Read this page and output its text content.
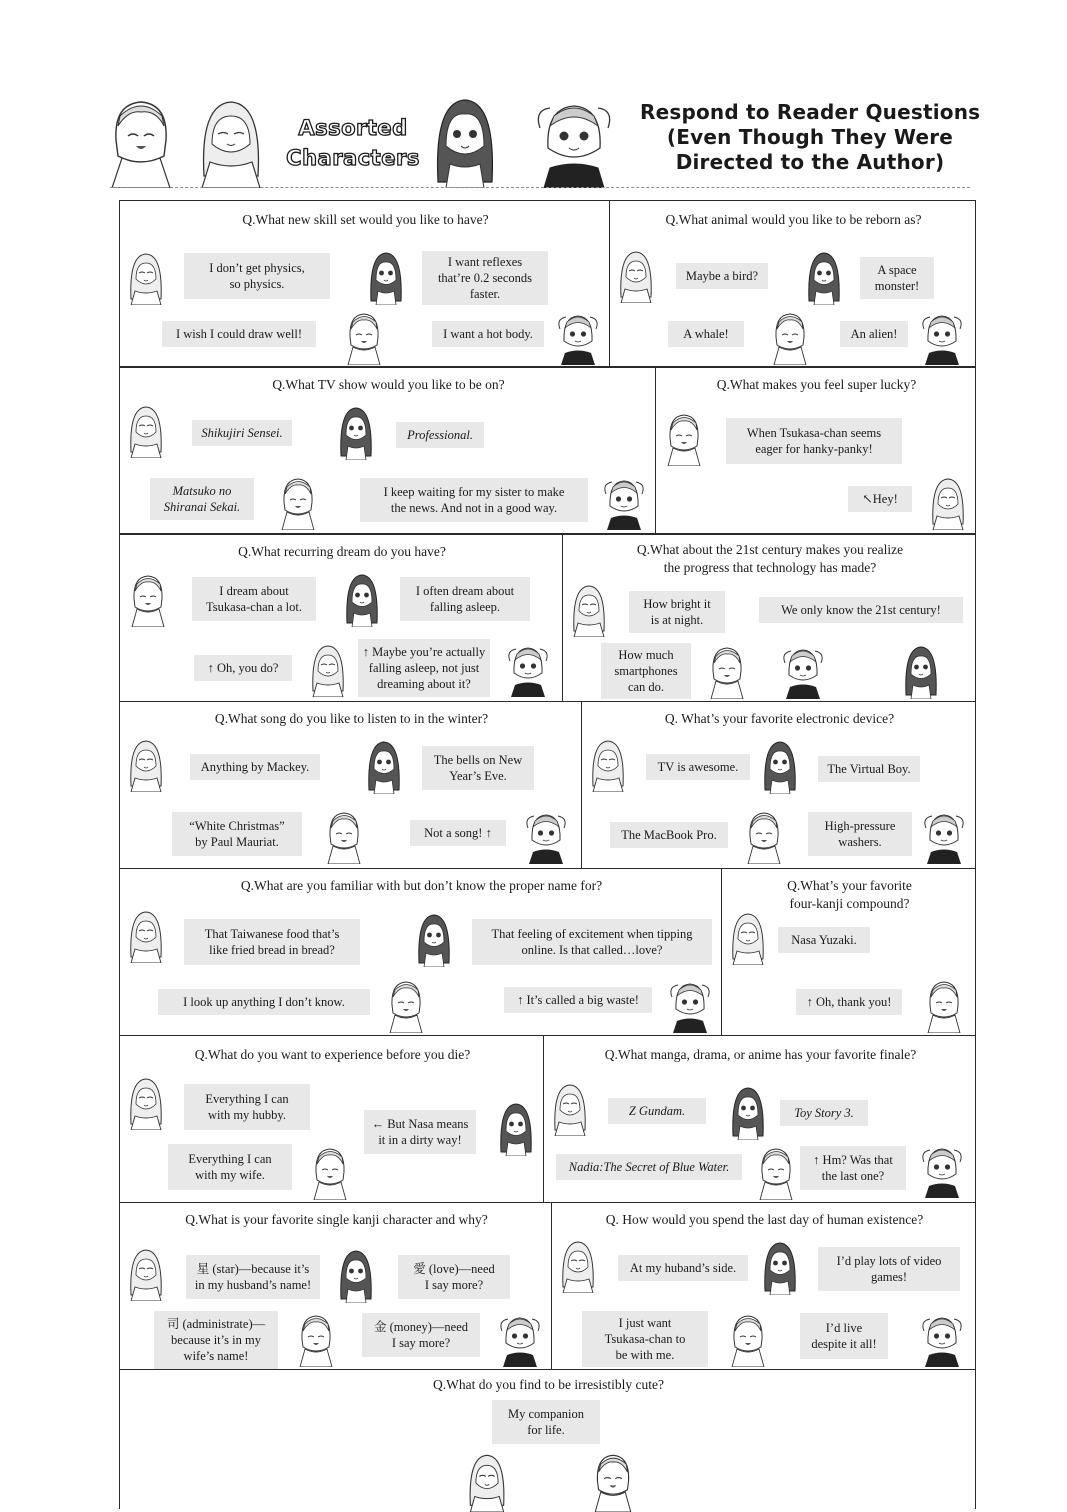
Assorted
Characters
Respond to Reader Questions
(Even Though They Were
Directed to the Author)
Q.What new skill set would you like to have?
I don’t get physics,
so physics.
I want reflexes
that’re 0.2 seconds
faster.
I wish I could draw well!	I want a hot body.
Q.What animal would you like to be reborn as?
Maybe a bird?	A space
monster!
A whale!	An alien!
Q.What TV show would you like to be on?
Shikujiri Sensei.	Professional.
Matsuko no
Shiranai Sekai.
I keep waiting for my sister to make
the news. And not in a good way.
Q.What makes you feel super lucky?
When Tsukasa-chan seems
eager for hanky-panky!
↖Hey!
Q.What recurring dream do you have?
I dream about
Tsukasa-chan a lot.
I often dream about
falling asleep.
↑ Oh, you do?
↑ Maybe you’re actually
falling asleep, not just
dreaming about it?
Q.What about the 21st century makes you realize
the progress that technology has made?
How bright it
is at night.
We only know the 21st century!
How much
smartphones
can do.
Q.What song do you like to listen to in the winter?
Anything by Mackey.	The bells on New
Year’s Eve.
“White Christmas”
by Paul Mauriat.
Not a song! ↑
Q. What’s your favorite electronic device?
TV is awesome.	The Virtual Boy.
The MacBook Pro.
High-pressure
washers.
Q.What are you familiar with but don’t know the proper name for?
That Taiwanese food that’s
like fried bread in bread?
That feeling of excitement when tipping
online. Is that called…love?
I look up anything I don’t know.	↑ It’s called a big waste!
Q.What’s your favorite
four-kanji compound?
Nasa Yuzaki.
↑ Oh, thank you!
Q.What do you want to experience before you die?
Everything I can
with my hubby.
← But Nasa means
it in a dirty way!
Everything I can
with my wife.
Q.What manga, drama, or anime has your favorite finale?
Z Gundam.	Toy Story 3.
Nadia:The Secret of Blue Water.	↑ Hm? Was that
the last one?
Q.What is your favorite single kanji character and why?
星 (star)—because it’s
in my husband’s name!
愛 (love)—need
I say more?
司 (administrate)—
because it’s in my
wife’s name!
金 (money)—need
I say more?
Q. How would you spend the last day of human existence?
At my huband’s side.	I’d play lots of video
games!
I just want
Tsukasa-chan to
be with me.
I’d live
despite it all!
Q.What do you find to be irresistibly cute?
My companion
for life.
